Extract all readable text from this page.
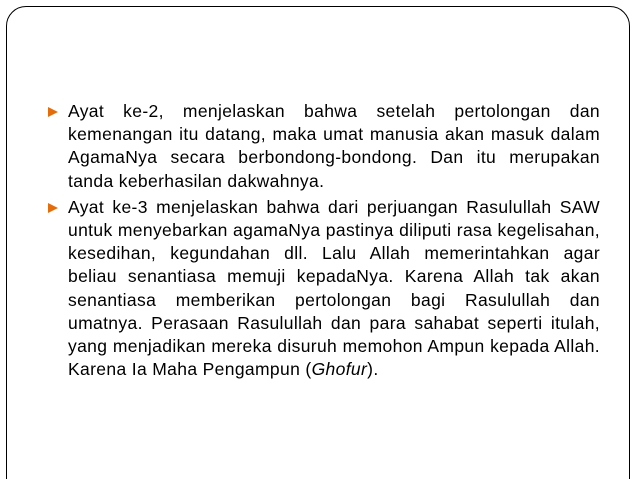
Ayat ke-2, menjelaskan bahwa setelah pertolongan dan kemenangan itu datang, maka umat manusia akan masuk dalam AgamaNya secara berbondong-bondong. Dan itu merupakan tanda keberhasilan dakwahnya.
Ayat ke-3 menjelaskan bahwa dari perjuangan Rasulullah SAW untuk menyebarkan agamaNya pastinya diliputi rasa kegelisahan, kesedihan, kegundahan dll. Lalu Allah memerintahkan agar beliau senantiasa memuji kepadaNya. Karena Allah tak akan senantiasa memberikan pertolongan bagi Rasulullah dan umatnya. Perasaan Rasulullah dan para sahabat seperti itulah, yang menjadikan mereka disuruh memohon Ampun kepada Allah. Karena Ia Maha Pengampun (Ghofur).
